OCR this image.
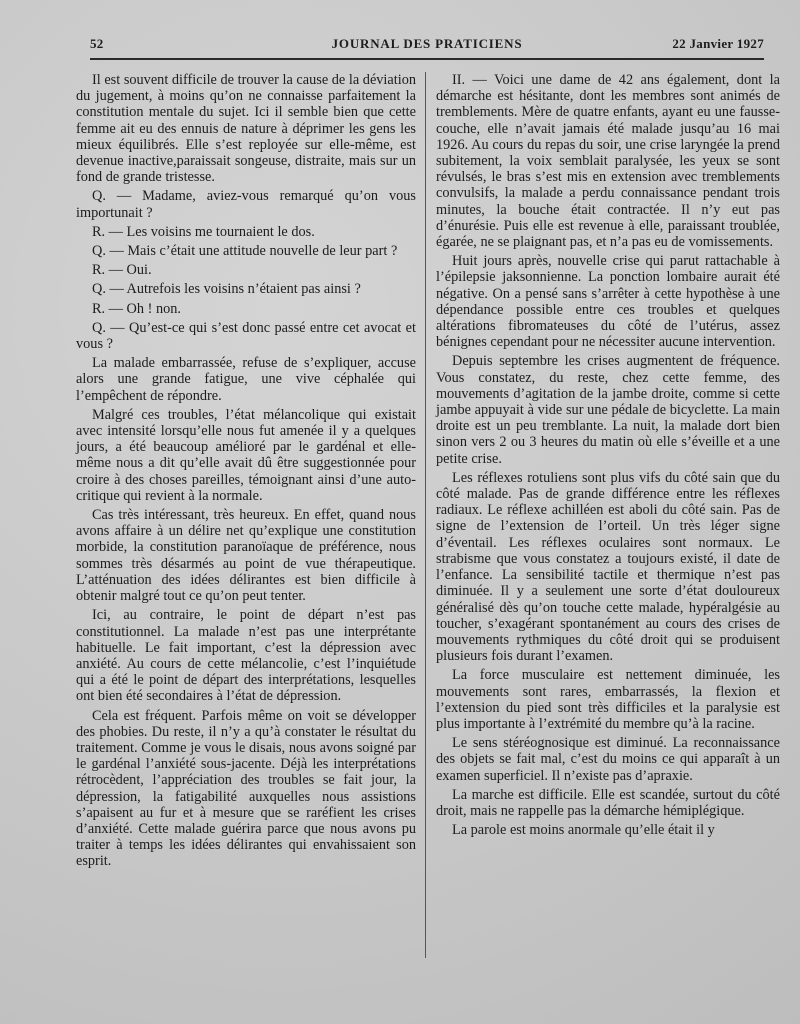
52	JOURNAL DES PRATICIENS	22 Janvier 1927

Il est souvent difficile de trouver la cause de la déviation du jugement, à moins qu’on ne connaisse parfaitement la constitution mentale du sujet. Ici il semble bien que cette femme ait eu des ennuis de nature à déprimer les gens les mieux équilibrés. Elle s’est reployée sur elle-même, est devenue inactive,paraissait songeuse, distraite, mais sur un fond de grande tristesse.

Q. — Madame, aviez-vous remarqué qu’on vous importunait ?

R. — Les voisins me tournaient le dos.

Q. — Mais c’était une attitude nouvelle de leur part ?

R. — Oui.

Q. — Autrefois les voisins n’étaient pas ainsi ?

R. — Oh ! non.

Q. — Qu’est-ce qui s’est donc passé entre cet avocat et vous ?

La malade embarrassée, refuse de s’expliquer, accuse alors une grande fatigue, une vive céphalée qui l’empêchent de répondre.

Malgré ces troubles, l’état mélancolique qui existait avec intensité lorsqu’elle nous fut amenée il y a quelques jours, a été beaucoup amélioré par le gardénal et elle-même nous a dit qu’elle avait dû être suggestionnée pour croire à des choses pareilles, témoignant ainsi d’une auto-critique qui revient à la normale.

Cas très intéressant, très heureux. En effet, quand nous avons affaire à un délire net qu’explique une constitution morbide, la constitution paranoïaque de préférence, nous sommes très désarmés au point de vue thérapeutique. L’atténuation des idées délirantes est bien difficile à obtenir malgré tout ce qu’on peut tenter.

Ici, au contraire, le point de départ n’est pas constitutionnel. La malade n’est pas une interprétante habituelle. Le fait important, c’est la dépression avec anxiété. Au cours de cette mélancolie, c’est l’inquiétude qui a été le point de départ des interprétations, lesquelles ont bien été secondaires à l’état de dépression.

Cela est fréquent. Parfois même on voit se développer des phobies. Du reste, il n’y a qu’à constater le résultat du traitement. Comme je vous le disais, nous avons soigné par le gardénal l’anxiété sous-jacente. Déjà les interprétations rétrocèdent, l’appréciation des troubles se fait jour, la dépression, la fatigabilité auxquelles nous assistions s’apaisent au fur et à mesure que se raréfient les crises d’anxiété. Cette malade guérira parce que nous avons pu traiter à temps les idées délirantes qui envahissaient son esprit.

II. — Voici une dame de 42 ans également, dont la démarche est hésitante, dont les membres sont animés de tremblements. Mère de quatre enfants, ayant eu une fausse-couche, elle n’avait jamais été malade jusqu’au 16 mai 1926. Au cours du repas du soir, une crise laryngée la prend subitement, la voix semblait paralysée, les yeux se sont révulsés, le bras s’est mis en extension avec tremblements convulsifs, la malade a perdu connaissance pendant trois minutes, la bouche était contractée. Il n’y eut pas d’énurésie. Puis elle est revenue à elle, paraissant troublée, égarée, ne se plaignant pas, et n’a pas eu de vomissements.

Huit jours après, nouvelle crise qui parut rattachable à l’épilepsie jaksonnienne. La ponction lombaire aurait été négative. On a pensé sans s’arrêter à cette hypothèse à une dépendance possible entre ces troubles et quelques altérations fibromateuses du côté de l’utérus, assez bénignes cependant pour ne nécessiter aucune intervention.

Depuis septembre les crises augmentent de fréquence. Vous constatez, du reste, chez cette femme, des mouvements d’agitation de la jambe droite, comme si cette jambe appuyait à vide sur une pédale de bicyclette. La main droite est un peu tremblante. La nuit, la malade dort bien sinon vers 2 ou 3 heures du matin où elle s’éveille et a une petite crise.

Les réflexes rotuliens sont plus vifs du côté sain que du côté malade. Pas de grande différence entre les réflexes radiaux. Le réflexe achilléen est aboli du côté sain. Pas de signe de l’extension de l’orteil. Un très léger signe d’éventail. Les réflexes oculaires sont normaux. Le strabisme que vous constatez a toujours existé, il date de l’enfance. La sensibilité tactile et thermique n’est pas diminuée. Il y a seulement une sorte d’état douloureux généralisé dès qu’on touche cette malade, hypéralgésie au toucher, s’exagérant spontanément au cours des crises de mouvements rythmiques du côté droit qui se produisent plusieurs fois durant l’examen.

La force musculaire est nettement diminuée, les mouvements sont rares, embarrassés, la flexion et l’extension du pied sont très difficiles et la paralysie est plus importante à l’extrémité du membre qu’à la racine.

Le sens stéréognosique est diminué. La reconnaissance des objets se fait mal, c’est du moins ce qui apparaît à un examen superficiel. Il n’existe pas d’apraxie.

La marche est difficile. Elle est scandée, surtout du côté droit, mais ne rappelle pas la démarche hémiplégique.

La parole est moins anormale qu’elle était il y
